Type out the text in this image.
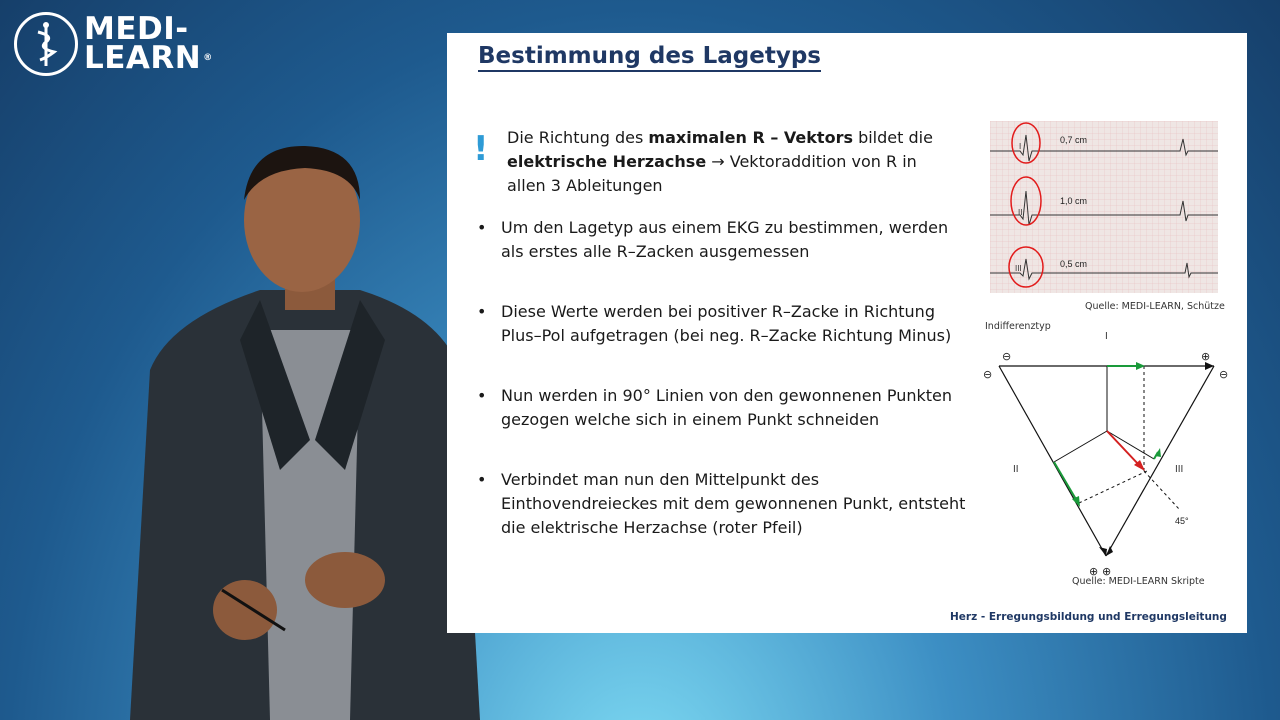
MEDI-
LEARN ®	Bestimmung des Lagetyps
! Die Richtung des maximalen R – Vektors bildet die elektrische Herzachse → Vektoraddition von R in allen 3 Ableitungen
• Um den Lagetyp aus einem EKG zu bestimmen, werden als erstes alle R–Zacken ausgemessen
• Diese Werte werden bei positiver R–Zacke in Richtung Plus–Pol aufgetragen (bei neg. R–Zacke Richtung Minus)
• Nun werden in 90° Linien von den gewonnenen Punkten gezogen welche sich in einem Punkt schneiden
• Verbindet man nun den Mittelpunkt des Einthovendreieckes mit dem gewonnenen Punkt, entsteht die elektrische Herzachse (roter Pfeil)
I
II
III
0,7 cm
1,0 cm
0,5 cm
Quelle: MEDI-LEARN, Schütze
Indifferenztyp
I
II	III
⊖
⊖
⊕
⊖
⊕ ⊕
45°
Quelle: MEDI-LEARN Skripte
Herz - Erregungsbildung und Erregungsleitung
